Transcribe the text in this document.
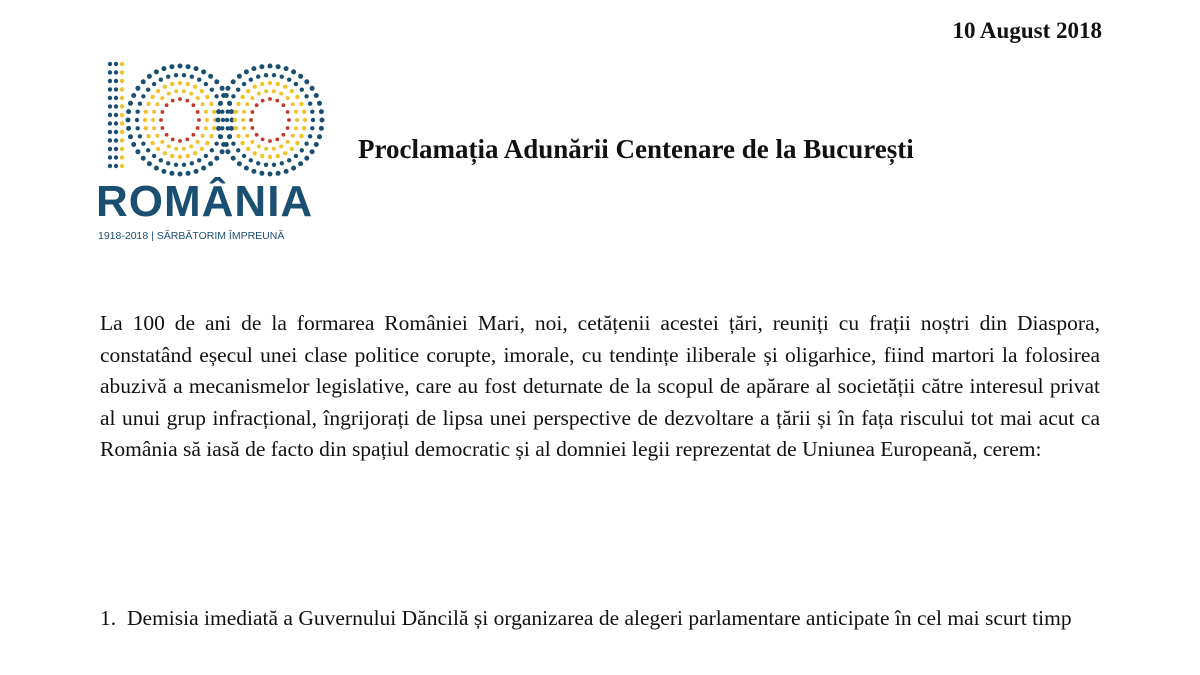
10 August 2018
ROMÂNIA
1918-2018 | SĂRBĂTORIM ÎMPREUNĂ
Proclamația Adunării Centenare de la București

La 100 de ani de la formarea României Mari, noi, cetățenii acestei țări, reuniți cu frații noștri din Diaspora, constatând eșecul unei clase politice corupte, imorale, cu tendințe iliberale și oligarhice, fiind martori la folosirea abuzivă a mecanismelor legislative, care au fost deturnate de la scopul de apărare al societății către interesul privat al unui grup infracțional, îngrijorați de lipsa unei perspective de dezvoltare a țării și în fața riscului tot mai acut ca România să iasă de facto din spațiul democratic și al domniei legii reprezentat de Uniunea Europeană, cerem:

1. Demisia imediată a Guvernului Dăncilă și organizarea de alegeri parlamentare anticipate în cel mai scurt timp
